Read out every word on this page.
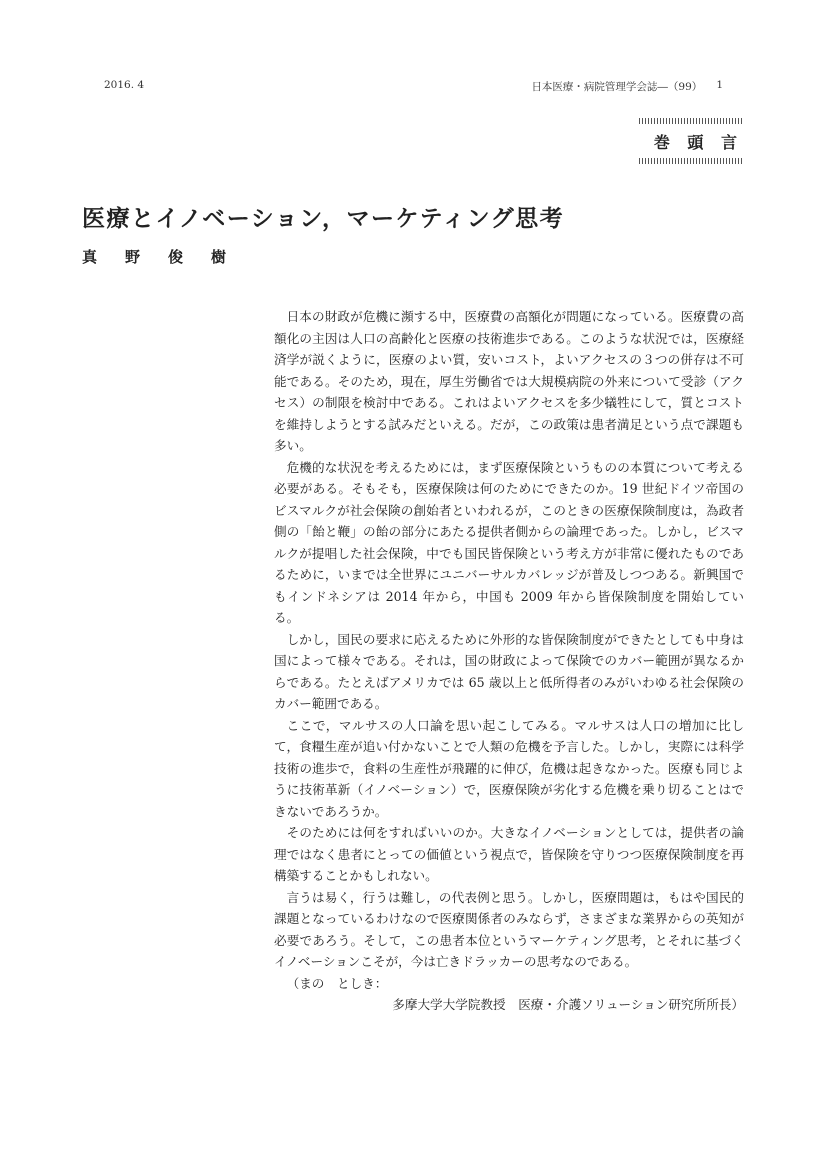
2016. 4	日本医療・病院管理学会誌―（99） 1
巻 頭 言
医療とイノベーション，マーケティング思考
真野俊樹

日本の財政が危機に瀕する中，医療費の高額化が問題になっている。医療費の高額化の主因は人口の高齢化と医療の技術進歩である。このような状況では，医療経済学が説くように，医療のよい質，安いコスト，よいアクセスの３つの併存は不可能である。そのため，現在，厚生労働省では大規模病院の外来について受診（アクセス）の制限を検討中である。これはよいアクセスを多少犠牲にして，質とコストを維持しようとする試みだといえる。だが，この政策は患者満足という点で課題も多い。

危機的な状況を考えるためには，まず医療保険というものの本質について考える必要がある。そもそも，医療保険は何のためにできたのか。19 世紀ドイツ帝国のビスマルクが社会保険の創始者といわれるが，このときの医療保険制度は，為政者側の「飴と鞭」の飴の部分にあたる提供者側からの論理であった。しかし，ビスマルクが提唱した社会保険，中でも国民皆保険という考え方が非常に優れたものであるために，いまでは全世界にユニバーサルカバレッジが普及しつつある。新興国でもインドネシアは 2014 年から，中国も 2009 年から皆保険制度を開始している。

しかし，国民の要求に応えるために外形的な皆保険制度ができたとしても中身は国によって様々である。それは，国の財政によって保険でのカバー範囲が異なるからである。たとえばアメリカでは 65 歳以上と低所得者のみがいわゆる社会保険のカバー範囲である。

ここで，マルサスの人口論を思い起こしてみる。マルサスは人口の増加に比して，食糧生産が追い付かないことで人類の危機を予言した。しかし，実際には科学技術の進歩で，食料の生産性が飛躍的に伸び，危機は起きなかった。医療も同じように技術革新（イノベーション）で，医療保険が劣化する危機を乗り切ることはできないであろうか。

そのためには何をすればいいのか。大きなイノベーションとしては，提供者の論理ではなく患者にとっての価値という視点で，皆保険を守りつつ医療保険制度を再構築することかもしれない。

言うは易く，行うは難し，の代表例と思う。しかし，医療問題は，もはや国民的課題となっているわけなので医療関係者のみならず，さまざまな業界からの英知が必要であろう。そして，この患者本位というマーケティング思考，とそれに基づくイノベーションこそが，今は亡きドラッカーの思考なのである。

（まの　としき：

多摩大学大学院教授　医療・介護ソリューション研究所所長）
